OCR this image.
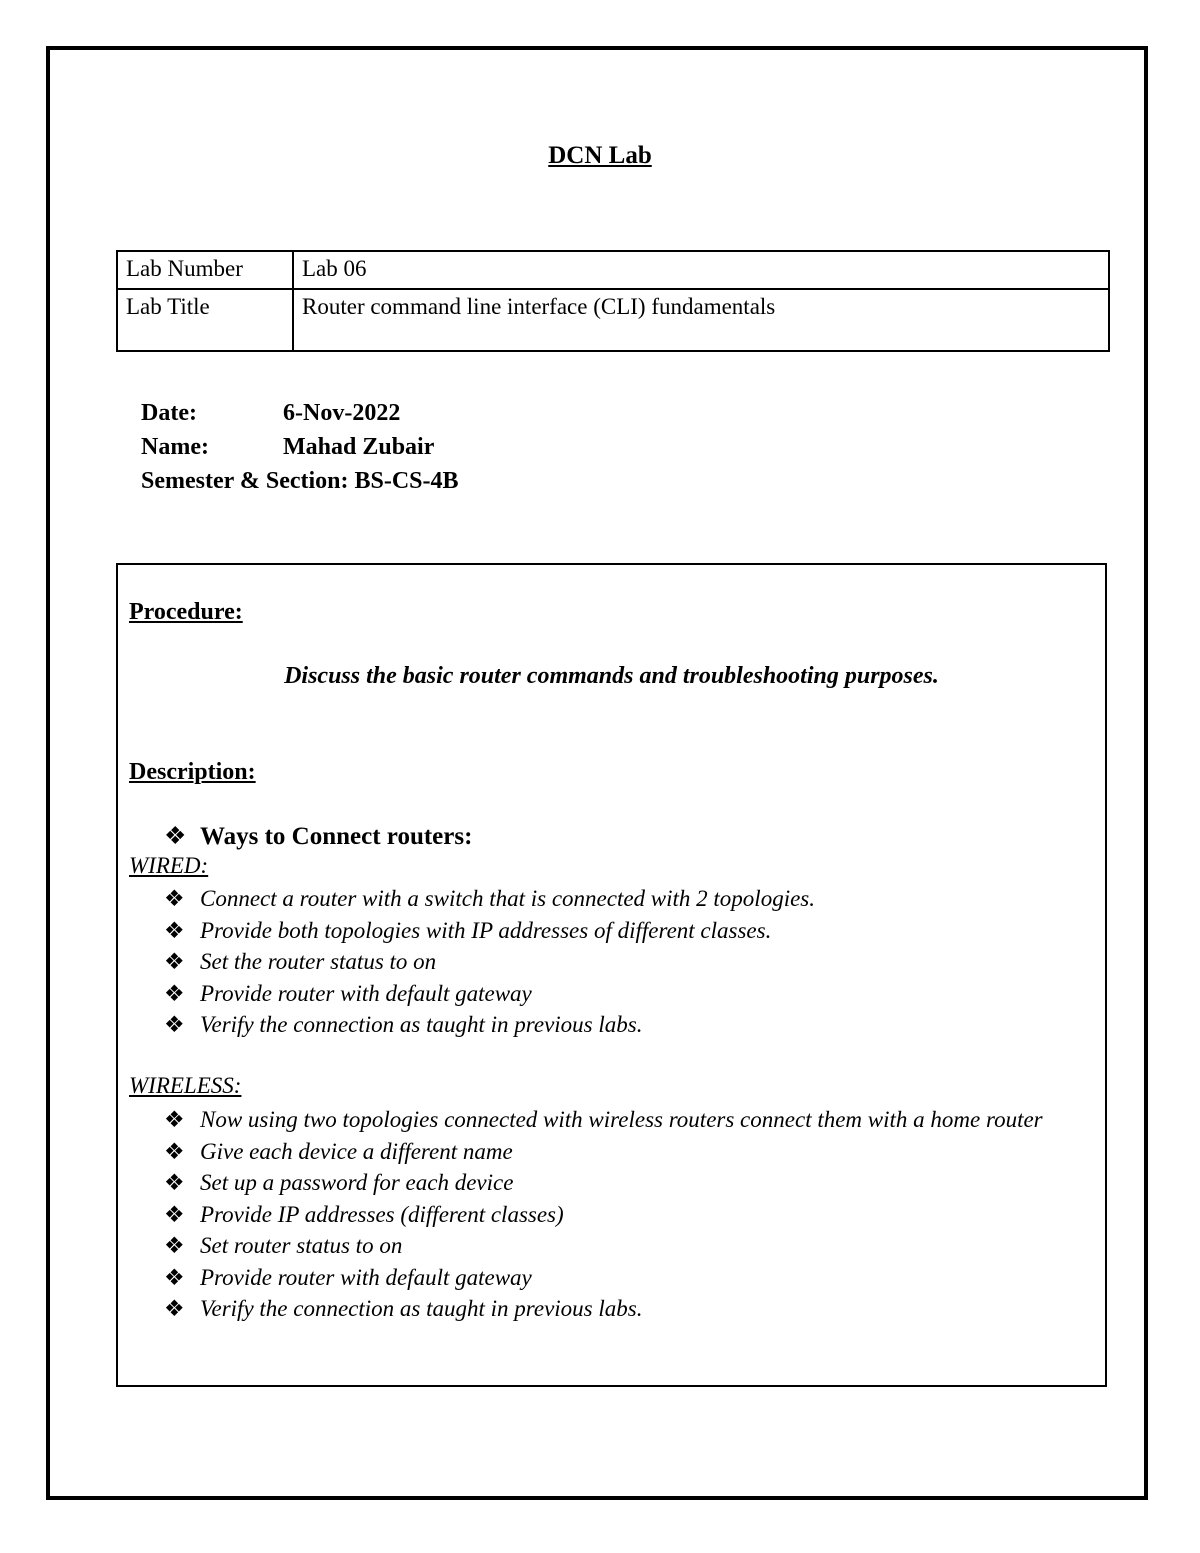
DCN Lab
Lab Number	Lab 06
Lab Title	Router command line interface (CLI) fundamentals
Date:	6-Nov-2022
Name:	Mahad Zubair
Semester & Section: BS-CS-4B
Procedure:
Discuss the basic router commands and troubleshooting purposes.
Description:
❖ Ways to Connect routers:
WIRED:
❖ Connect a router with a switch that is connected with 2 topologies.
❖ Provide both topologies with IP addresses of different classes.
❖ Set the router status to on
❖ Provide router with default gateway
❖ Verify the connection as taught in previous labs.
WIRELESS:
❖ Now using two topologies connected with wireless routers connect them with a home router
❖ Give each device a different name
❖ Set up a password for each device
❖ Provide IP addresses (different classes)
❖ Set router status to on
❖ Provide router with default gateway
❖ Verify the connection as taught in previous labs.
